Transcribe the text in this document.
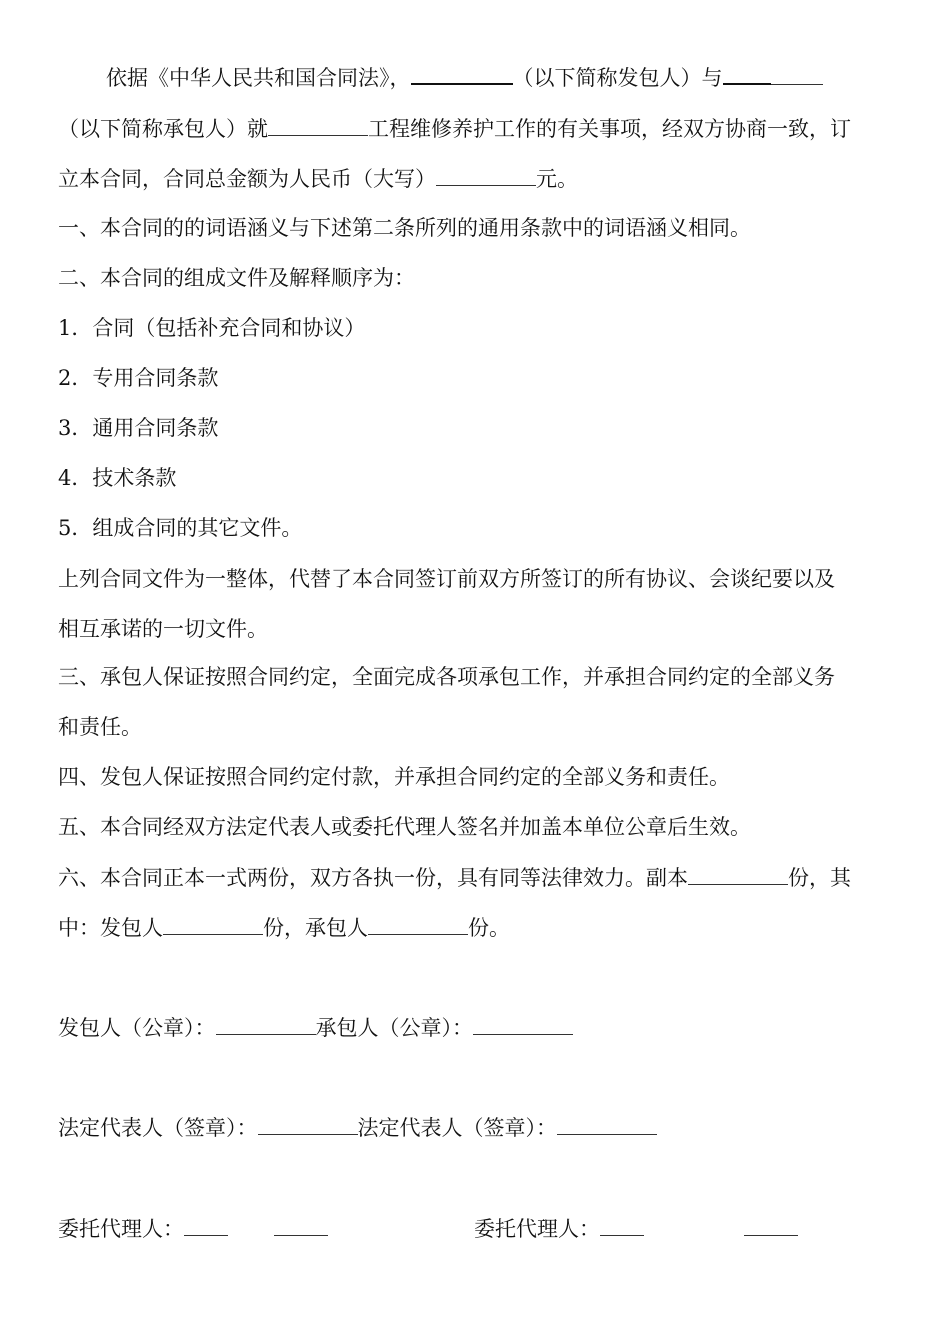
依据《中华人民共和国合同法》，	（以下简称发包人）与
（以下简称承包人）就	工程维修养护工作的有关事项，经双方协商一致，订
立本合同，合同总金额为人民币（大写）	元。
一、本合同的的词语涵义与下述第二条所列的通用条款中的词语涵义相同。
二、本合同的组成文件及解释顺序为：
1．合同（包括补充合同和协议）
2．专用合同条款
3．通用合同条款
4．技术条款
5．组成合同的其它文件。
上列合同文件为一整体，代替了本合同签订前双方所签订的所有协议、会谈纪要以及
相互承诺的一切文件。
三、承包人保证按照合同约定，全面完成各项承包工作，并承担合同约定的全部义务
和责任。
四、发包人保证按照合同约定付款，并承担合同约定的全部义务和责任。
五、本合同经双方法定代表人或委托代理人签名并加盖本单位公章后生效。
六、本合同正本一式两份，双方各执一份，具有同等法律效力。副本	份，其
中：发包人	份，承包人	份。
发包人（公章）：	承包人（公章）：
法定代表人（签章）：	法定代表人（签章）：
委托代理人：	委托代理人：
